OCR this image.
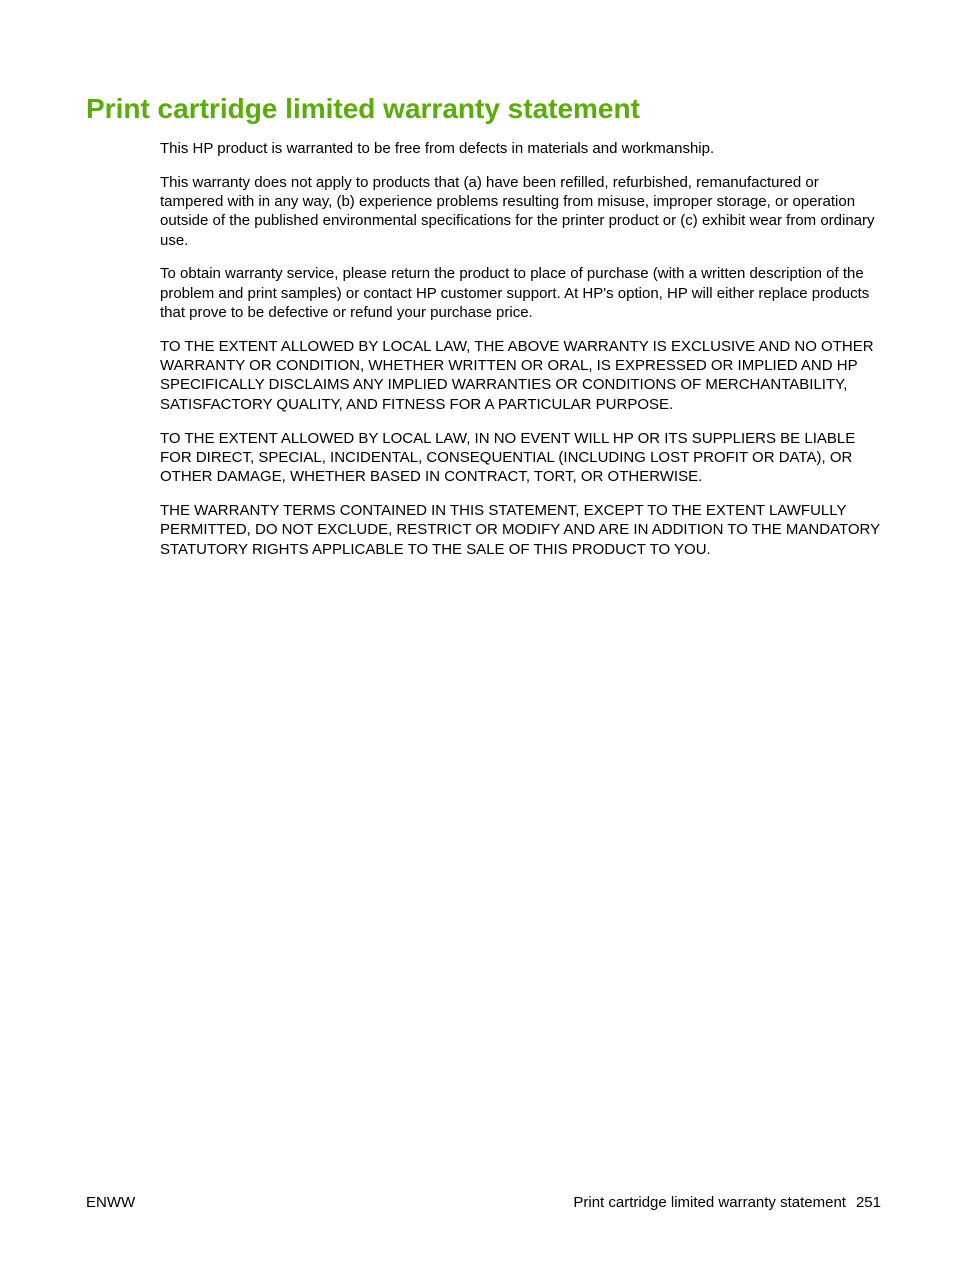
Print cartridge limited warranty statement

This HP product is warranted to be free from defects in materials and workmanship.

This warranty does not apply to products that (a) have been refilled, refurbished, remanufactured or tampered with in any way, (b) experience problems resulting from misuse, improper storage, or operation outside of the published environmental specifications for the printer product or (c) exhibit wear from ordinary use.

To obtain warranty service, please return the product to place of purchase (with a written description of the problem and print samples) or contact HP customer support. At HP's option, HP will either replace products that prove to be defective or refund your purchase price.

TO THE EXTENT ALLOWED BY LOCAL LAW, THE ABOVE WARRANTY IS EXCLUSIVE AND NO OTHER WARRANTY OR CONDITION, WHETHER WRITTEN OR ORAL, IS EXPRESSED OR IMPLIED AND HP SPECIFICALLY DISCLAIMS ANY IMPLIED WARRANTIES OR CONDITIONS OF MERCHANTABILITY, SATISFACTORY QUALITY, AND FITNESS FOR A PARTICULAR PURPOSE.

TO THE EXTENT ALLOWED BY LOCAL LAW, IN NO EVENT WILL HP OR ITS SUPPLIERS BE LIABLE FOR DIRECT, SPECIAL, INCIDENTAL, CONSEQUENTIAL (INCLUDING LOST PROFIT OR DATA), OR OTHER DAMAGE, WHETHER BASED IN CONTRACT, TORT, OR OTHERWISE.

THE WARRANTY TERMS CONTAINED IN THIS STATEMENT, EXCEPT TO THE EXTENT LAWFULLY PERMITTED, DO NOT EXCLUDE, RESTRICT OR MODIFY AND ARE IN ADDITION TO THE MANDATORY STATUTORY RIGHTS APPLICABLE TO THE SALE OF THIS PRODUCT TO YOU.

ENWW	Print cartridge limited warranty statement 251
